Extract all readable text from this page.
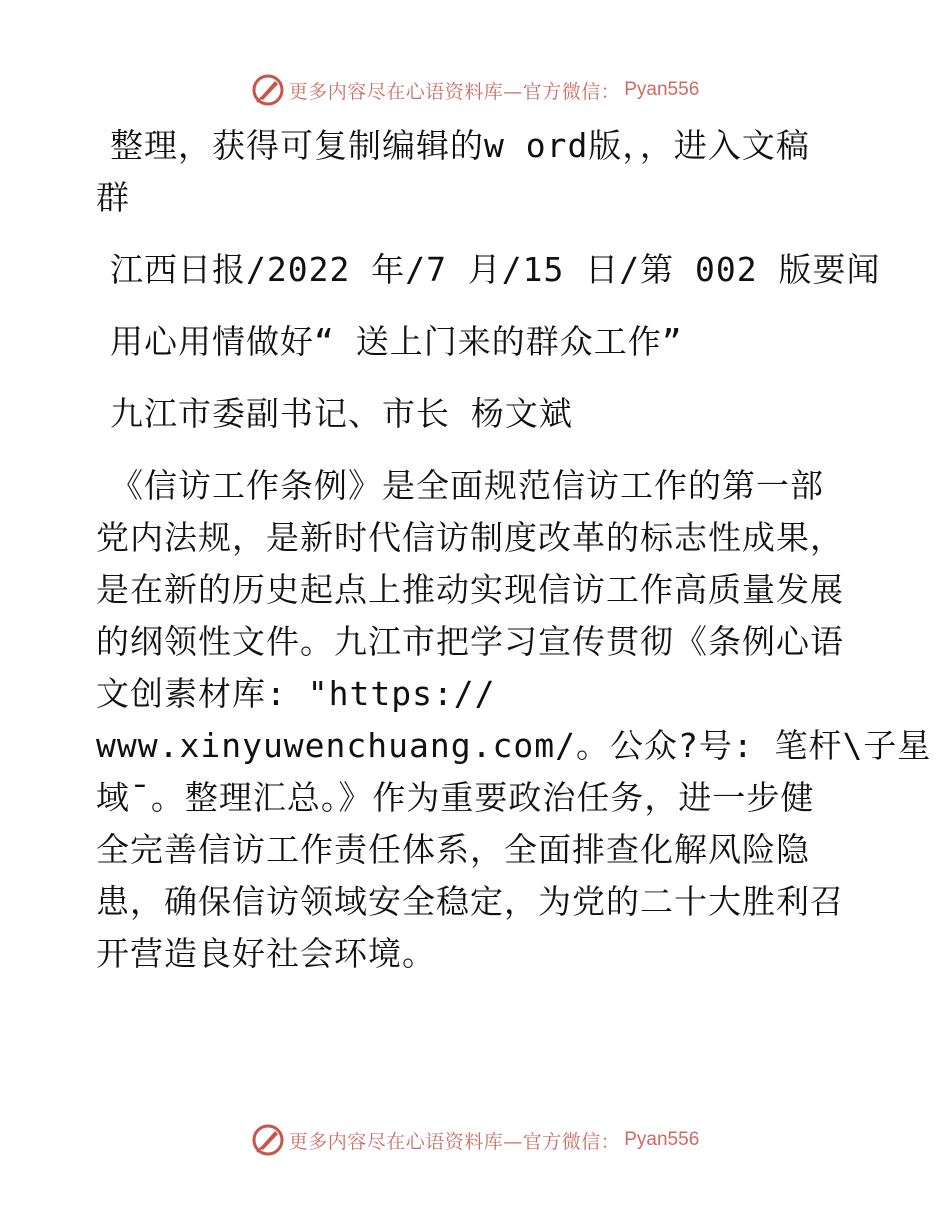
更多内容尽在心语资料库—官方微信： Pyan556
整理，获得可复制编辑的w ord版，，进入文稿
群
江西日报/2022 年/7 月/15 日/第 002 版要闻
用心用情做好“ 送上门来的群众工作”
九江市委副书记、市长 杨文斌
《信访工作条例》是全面规范信访工作的第一部
党内法规，是新时代信访制度改革的标志性成果，
是在新的历史起点上推动实现信访工作高质量发展
的纲领性文件。九江市把学习宣传贯彻《条例心语
文创素材库: "https://
www.xinyuwenchuang.com/。公众?号: 笔杆\子星
域¯。整理汇总。》作为重要政治任务，进一步健
全完善信访工作责任体系，全面排查化解风险隐
患，确保信访领域安全稳定，为党的二十大胜利召
开营造良好社会环境。
更多内容尽在心语资料库—官方微信： Pyan556
